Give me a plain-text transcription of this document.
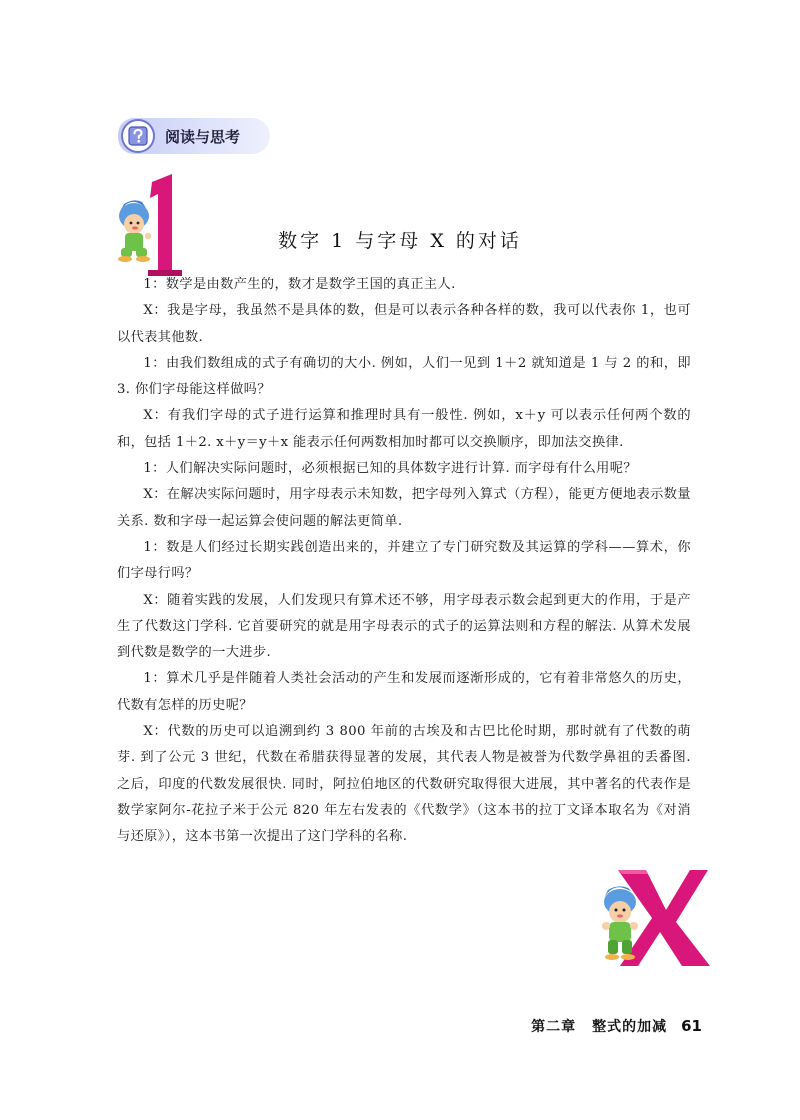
阅读与思考
数字 1 与字母 X 的对话

1：数学是由数产生的，数才是数学王国的真正主人.

X：我是字母，我虽然不是具体的数，但是可以表示各种各样的数，我可以代表你 1，也可以代表其他数.

1：由我们数组成的式子有确切的大小. 例如，人们一见到 1＋2 就知道是 1 与 2 的和，即 3. 你们字母能这样做吗？

X：有我们字母的式子进行运算和推理时具有一般性. 例如，x＋y 可以表示任何两个数的和，包括 1＋2. x＋y＝y＋x 能表示任何两数相加时都可以交换顺序，即加法交换律.

1：人们解决实际问题时，必须根据已知的具体数字进行计算. 而字母有什么用呢？

X：在解决实际问题时，用字母表示未知数，把字母列入算式（方程），能更方便地表示数量关系. 数和字母一起运算会使问题的解法更简单.

1：数是人们经过长期实践创造出来的，并建立了专门研究数及其运算的学科——算术，你们字母行吗？

X：随着实践的发展，人们发现只有算术还不够，用字母表示数会起到更大的作用，于是产生了代数这门学科. 它首要研究的就是用字母表示的式子的运算法则和方程的解法. 从算术发展到代数是数学的一大进步.

1：算术几乎是伴随着人类社会活动的产生和发展而逐渐形成的，它有着非常悠久的历史，代数有怎样的历史呢？

X：代数的历史可以追溯到约 3 800 年前的古埃及和古巴比伦时期，那时就有了代数的萌芽. 到了公元 3 世纪，代数在希腊获得显著的发展，其代表人物是被誉为代数学鼻祖的丢番图. 之后，印度的代数发展很快. 同时，阿拉伯地区的代数研究取得很大进展，其中著名的代表作是数学家阿尔-花拉子米于公元 820 年左右发表的《代数学》（这本书的拉丁文译本取名为《对消与还原》），这本书第一次提出了这门学科的名称.

第二章 整式的加减 61
